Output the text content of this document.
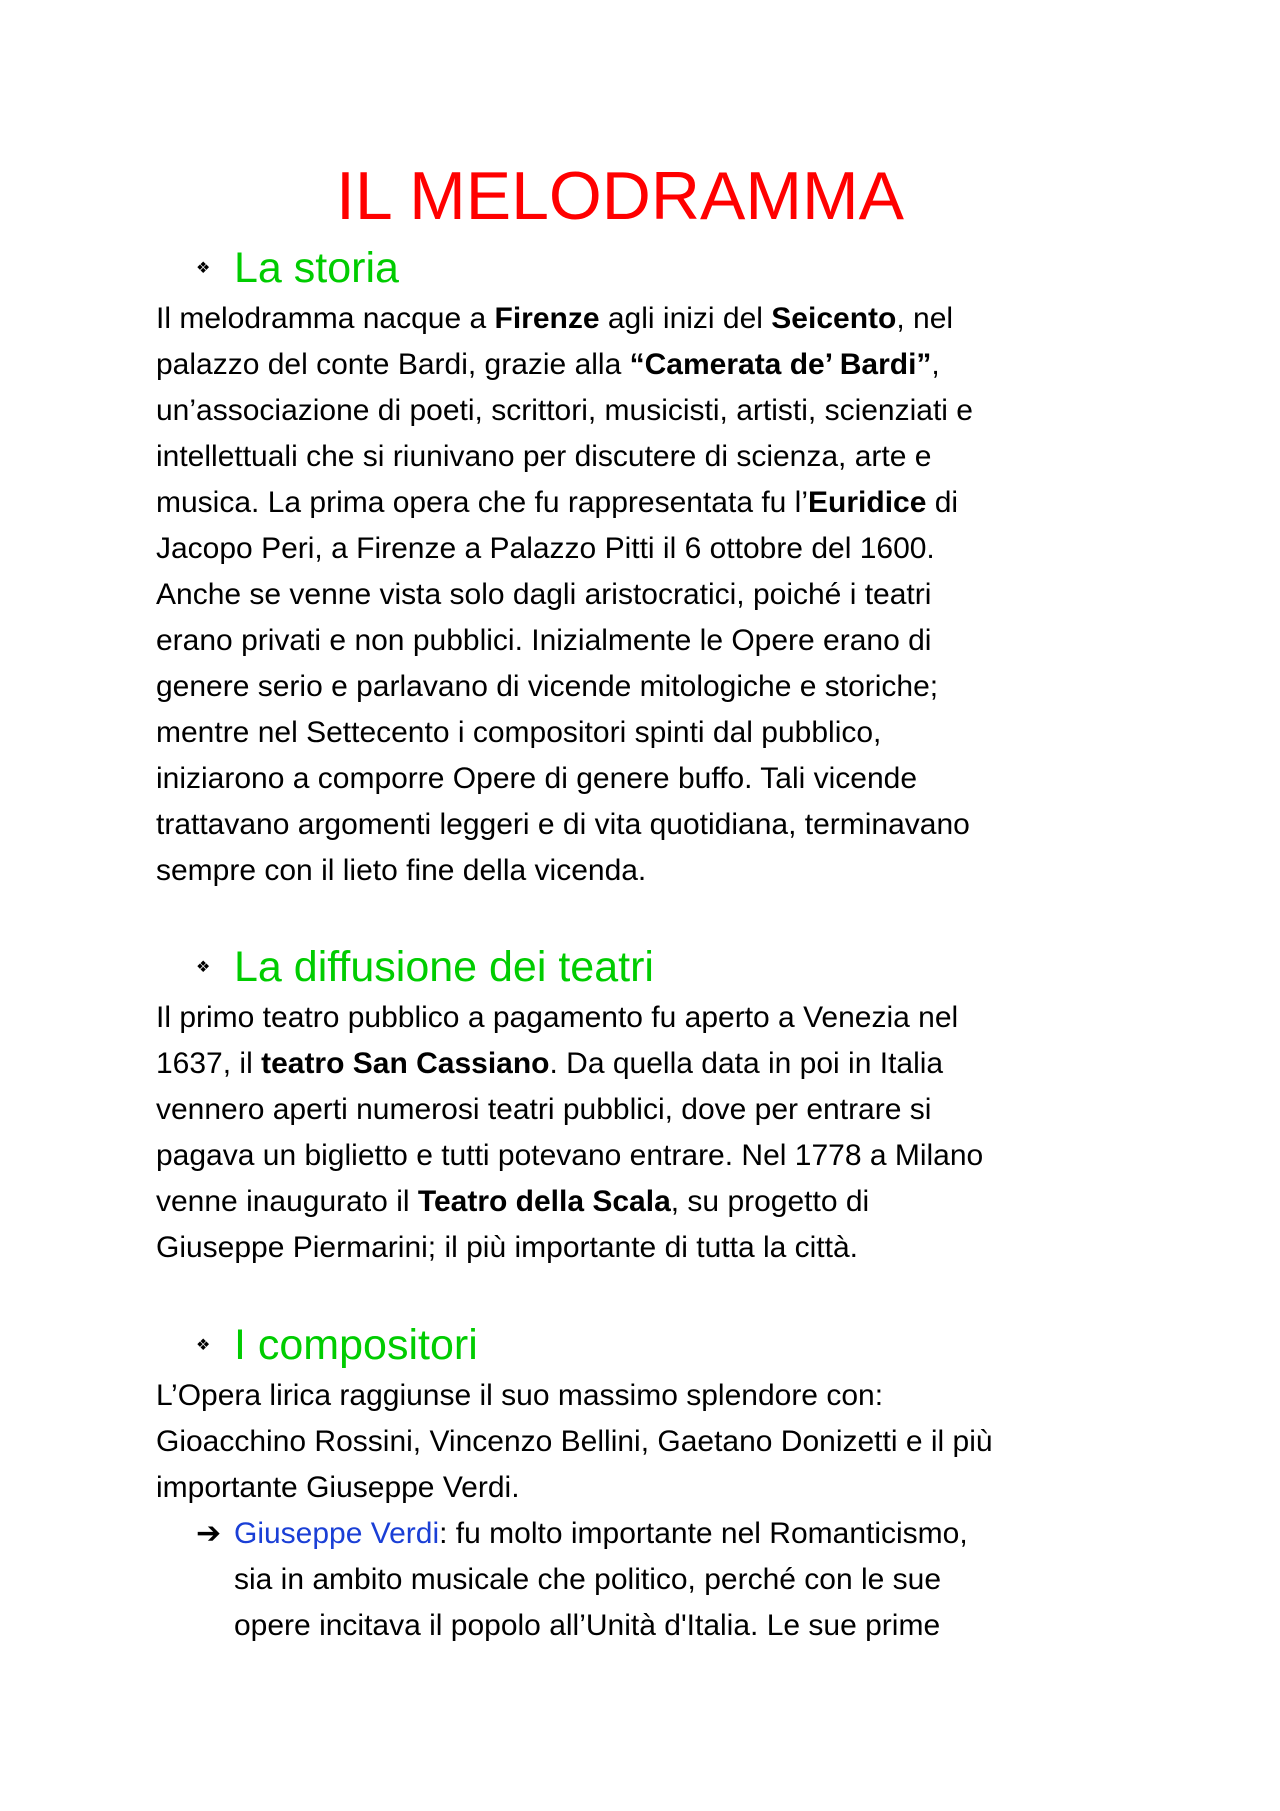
IL MELODRAMMA
❖ La storia
Il melodramma nacque a Firenze agli inizi del Seicento, nel
palazzo del conte Bardi, grazie alla “Camerata de’ Bardi”,
un’associazione di poeti, scrittori, musicisti, artisti, scienziati e
intellettuali che si riunivano per discutere di scienza, arte e
musica. La prima opera che fu rappresentata fu l’Euridice di
Jacopo Peri, a Firenze a Palazzo Pitti il 6 ottobre del 1600.
Anche se venne vista solo dagli aristocratici, poiché i teatri
erano privati e non pubblici. Inizialmente le Opere erano di
genere serio e parlavano di vicende mitologiche e storiche;
mentre nel Settecento i compositori spinti dal pubblico,
iniziarono a comporre Opere di genere buffo. Tali vicende
trattavano argomenti leggeri e di vita quotidiana, terminavano
sempre con il lieto fine della vicenda.
❖ La diffusione dei teatri
Il primo teatro pubblico a pagamento fu aperto a Venezia nel
1637, il teatro San Cassiano. Da quella data in poi in Italia
vennero aperti numerosi teatri pubblici, dove per entrare si
pagava un biglietto e tutti potevano entrare. Nel 1778 a Milano
venne inaugurato il Teatro della Scala, su progetto di
Giuseppe Piermarini; il più importante di tutta la città.
❖ I compositori
L’Opera lirica raggiunse il suo massimo splendore con:
Gioacchino Rossini, Vincenzo Bellini, Gaetano Donizetti e il più
importante Giuseppe Verdi.
➔ Giuseppe Verdi: fu molto importante nel Romanticismo,
sia in ambito musicale che politico, perché con le sue
opere incitava il popolo all’Unità d'Italia. Le sue prime
